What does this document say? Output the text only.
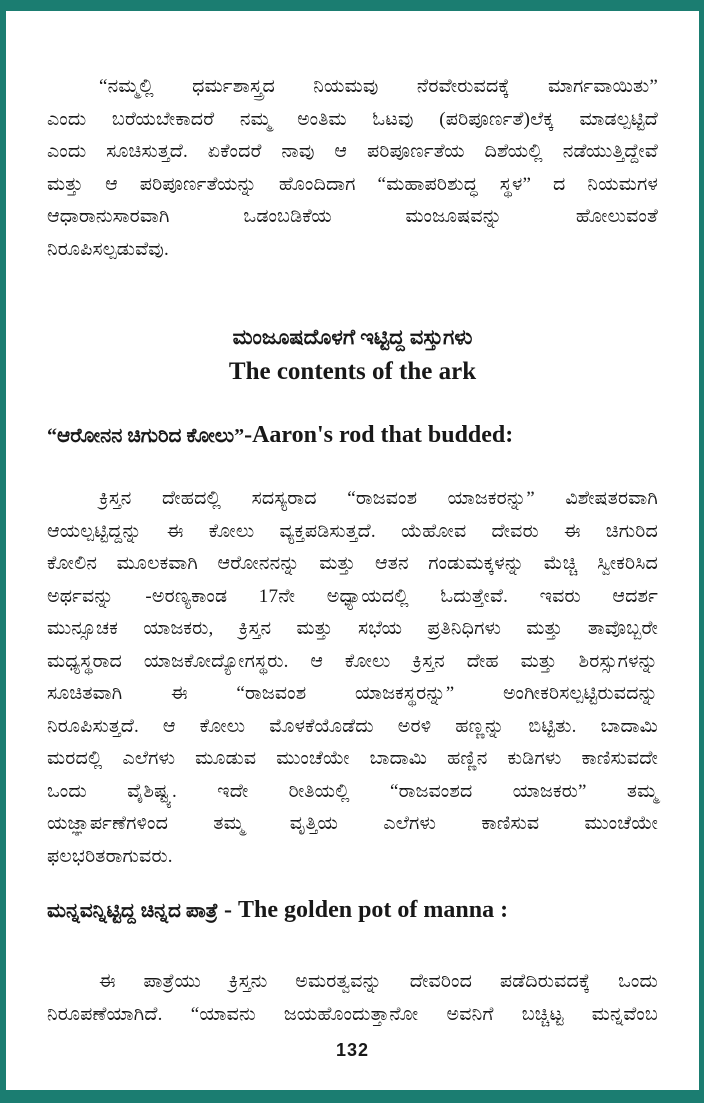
“ನಮ್ಮಲ್ಲಿ ಧರ್ಮಶಾಸ್ತ್ರದ ನಿಯಮವು ನೆರವೇರುವದಕ್ಕೆ ಮಾರ್ಗವಾಯಿತು”
ಎಂದು ಬರೆಯಬೇಕಾದರೆ ನಮ್ಮ ಅಂತಿಮ ಓಟವು (ಪರಿಪೂರ್ಣತೆ)ಲೆಕ್ಕ ಮಾಡಲ್ಪಟ್ಟಿದೆ
ಎಂದು ಸೂಚಿಸುತ್ತದೆ. ಏಕೆಂದರೆ ನಾವು ಆ ಪರಿಪೂರ್ಣತೆಯ ದಿಶೆಯಲ್ಲಿ ನಡೆಯುತ್ತಿದ್ದೇವೆ
ಮತ್ತು ಆ ಪರಿಪೂರ್ಣತೆಯನ್ನು ಹೊಂದಿದಾಗ “ಮಹಾಪರಿಶುದ್ಧ ಸ್ಥಳ” ದ ನಿಯಮಗಳ
ಆಧಾರಾನುಸಾರವಾಗಿ ಒಡಂಬಡಿಕೆಯ ಮಂಜೂಷವನ್ನು ಹೋಲುವಂತೆ
ನಿರೂಪಿಸಲ್ಪಡುವೆವು.
ಮಂಜೂಷದೊಳಗೆ ಇಟ್ಟಿದ್ದ ವಸ್ತುಗಳು
The contents of the ark
“ಆರೋನನ ಚಿಗುರಿದ ಕೋಲು”-Aaron's rod that budded:
ಕ್ರಿಸ್ತನ ದೇಹದಲ್ಲಿ ಸದಸ್ಯರಾದ “ರಾಜವಂಶ ಯಾಜಕರನ್ನು” ವಿಶೇಷತರವಾಗಿ
ಆಯಲ್ಪಟ್ಟಿದ್ದನ್ನು ಈ ಕೋಲು ವ್ಯಕ್ತಪಡಿಸುತ್ತದೆ. ಯೆಹೋವ ದೇವರು ಈ ಚಿಗುರಿದ
ಕೋಲಿನ ಮೂಲಕವಾಗಿ ಆರೋನನನ್ನು ಮತ್ತು ಆತನ ಗಂಡುಮಕ್ಕಳನ್ನು ಮೆಚ್ಚಿ ಸ್ವೀಕರಿಸಿದ
ಅರ್ಥವನ್ನು -ಅರಣ್ಯಕಾಂಡ 17ನೇ ಅಧ್ಯಾಯದಲ್ಲಿ ಓದುತ್ತೇವೆ. ಇವರು ಆದರ್ಶ
ಮುನ್ಸೂಚಕ ಯಾಜಕರು, ಕ್ರಿಸ್ತನ ಮತ್ತು ಸಭೆಯ ಪ್ರತಿನಿಧಿಗಳು ಮತ್ತು ತಾವೊಬ್ಬರೇ
ಮಧ್ಯಸ್ಥರಾದ ಯಾಜಕೋದ್ಯೋಗಸ್ಥರು. ಆ ಕೋಲು ಕ್ರಿಸ್ತನ ದೇಹ ಮತ್ತು ಶಿರಸ್ಸುಗಳನ್ನು
ಸೂಚಿತವಾಗಿ ಈ “ರಾಜವಂಶ ಯಾಜಕಸ್ಥರನ್ನು” ಅಂಗೀಕರಿಸಲ್ಪಟ್ಟಿರುವದನ್ನು
ನಿರೂಪಿಸುತ್ತದೆ. ಆ ಕೋಲು ಮೊಳಕೆಯೊಡೆದು ಅರಳಿ ಹಣ್ಣನ್ನು ಬಿಟ್ಟಿತು. ಬಾದಾಮಿ
ಮರದಲ್ಲಿ ಎಲೆಗಳು ಮೂಡುವ ಮುಂಚೆಯೇ ಬಾದಾಮಿ ಹಣ್ಣಿನ ಕುಡಿಗಳು ಕಾಣಿಸುವದೇ
ಒಂದು ವೈಶಿಷ್ಟ್ಯ. ಇದೇ ರೀತಿಯಲ್ಲಿ “ರಾಜವಂಶದ ಯಾಜಕರು” ತಮ್ಮ
ಯಜ್ಞಾರ್ಪಣೆಗಳಿಂದ ತಮ್ಮ ವೃತ್ತಿಯ ಎಲೆಗಳು ಕಾಣಿಸುವ ಮುಂಚೆಯೇ
ಫಲಭರಿತರಾಗುವರು.
ಮನ್ನವನ್ನಿಟ್ಟಿದ್ದ ಚಿನ್ನದ ಪಾತ್ರೆ - The golden pot of manna :
ಈ ಪಾತ್ರೆಯು ಕ್ರಿಸ್ತನು ಅಮರತ್ವವನ್ನು ದೇವರಿಂದ ಪಡೆದಿರುವದಕ್ಕೆ ಒಂದು
ನಿರೂಪಣೆಯಾಗಿದೆ. “ಯಾವನು ಜಯಹೊಂದುತ್ತಾನೋ ಅವನಿಗೆ ಬಚ್ಚಿಟ್ಟ ಮನ್ನವೆಂಬ
132
